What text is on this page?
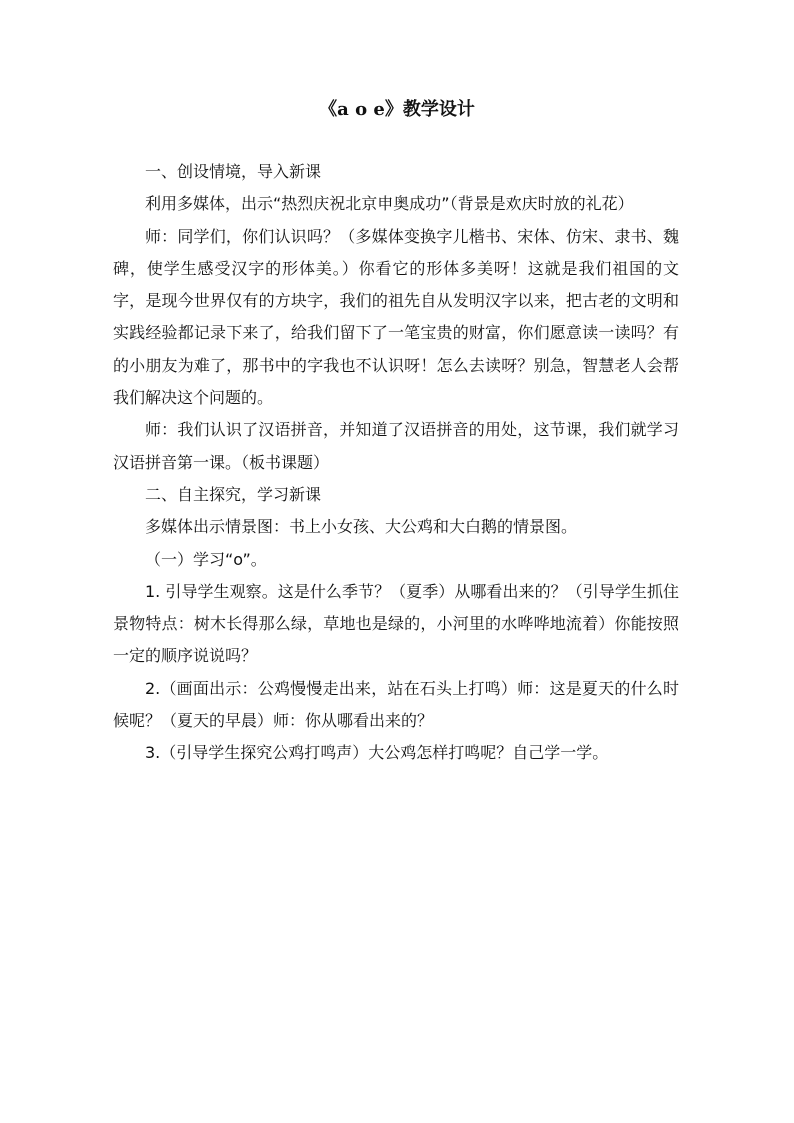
《a o e》教学设计

一、创设情境，导入新课

利用多媒体，出示“热烈庆祝北京申奥成功”（背景是欢庆时放的礼花）

师：同学们，你们认识吗？（多媒体变换字儿楷书、宋体、仿宋、隶书、魏碑，使学生感受汉字的形体美。）你看它的形体多美呀！这就是我们祖国的文字，是现今世界仅有的方块字，我们的祖先自从发明汉字以来，把古老的文明和实践经验都记录下来了，给我们留下了一笔宝贵的财富，你们愿意读一读吗？有的小朋友为难了，那书中的字我也不认识呀！怎么去读呀？别急，智慧老人会帮我们解决这个问题的。

师：我们认识了汉语拼音，并知道了汉语拼音的用处，这节课，我们就学习汉语拼音第一课。（板书课题）

二、自主探究，学习新课

多媒体出示情景图：书上小女孩、大公鸡和大白鹅的情景图。

（一）学习“o”。

1. 引导学生观察。这是什么季节？（夏季）从哪看出来的？（引导学生抓住景物特点：树木长得那么绿，草地也是绿的，小河里的水哗哗地流着）你能按照一定的顺序说说吗？

2.（画面出示：公鸡慢慢走出来，站在石头上打鸣）师：这是夏天的什么时候呢？（夏天的早晨）师：你从哪看出来的？

3.（引导学生探究公鸡打鸣声）大公鸡怎样打鸣呢？自己学一学。
